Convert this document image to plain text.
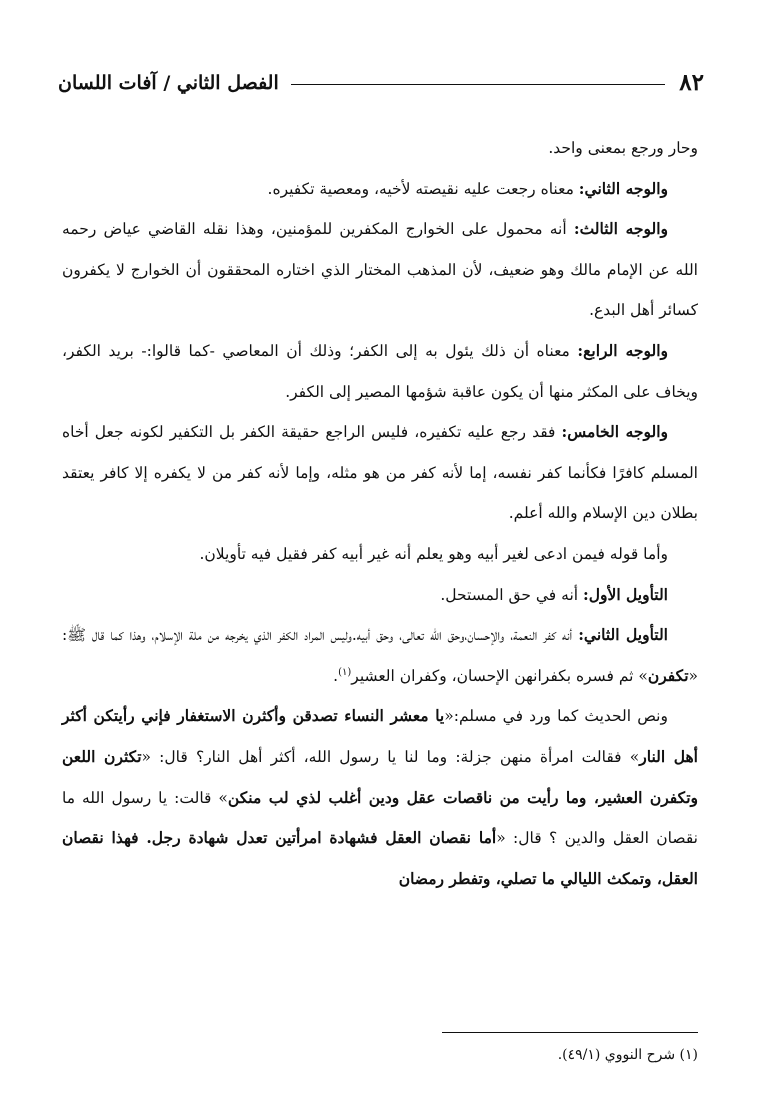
٨٢
الفصل الثاني / آفات اللسان

وحار ورجع بمعنى واحد.

والوجه الثاني: معناه رجعت عليه نقيصته لأخيه، ومعصية تكفيره.

والوجه الثالث: أنه محمول على الخوارج المكفرين للمؤمنين، وهذا نقله القاضي عياض رحمه الله عن الإمام مالك وهو ضعيف، لأن المذهب المختار الذي اختاره المحققون أن الخوارج لا يكفرون كسائر أهل البدع.

والوجه الرابع: معناه أن ذلك يئول به إلى الكفر؛ وذلك أن المعاصي -كما قالوا:- بريد الكفر، ويخاف على المكثر منها أن يكون عاقبة شؤمها المصير إلى الكفر.

والوجه الخامس: فقد رجع عليه تكفيره، فليس الراجع حقيقة الكفر بل التكفير لكونه جعل أخاه المسلم كافرًا فكأنما كفر نفسه، إما لأنه كفر من هو مثله، وإما لأنه كفر من لا يكفره إلا كافر يعتقد بطلان دين الإسلام والله أعلم.

وأما قوله فيمن ادعى لغير أبيه وهو يعلم أنه غير أبيه كفر فقيل فيه تأويلان.

التأويل الأول: أنه في حق المستحل.

التأويل الثاني: أنه كفر النعمة، والإحسان،وحق الله تعالى، وحق أبيه.وليس المراد الكفر الذي يخرجه من ملة الإسلام، وهذا كما قال ﷺ: «تكفرن» ثم فسره بكفرانهن الإحسان، وكفران العشير$^{(١)}$.

ونص الحديث كما ورد في مسلم:«يا معشر النساء تصدقن وأكثرن الاستغفار فإني رأيتكن أكثر أهل النار» فقالت امرأة منهن جزلة: وما لنا يا رسول الله، أكثر أهل النار؟ قال: «تكثرن اللعن وتكفرن العشير، وما رأيت من ناقصات عقل ودين أغلب لذي لب منكن» قالت: يا رسول الله ما نقصان العقل والدين ؟ قال: «أما نقصان العقل فشهادة امرأتين تعدل شهادة رجل. فهذا نقصان العقل، وتمكث الليالي ما تصلي، وتفطر رمضان

(١) شرح النووي (٤٩/١).
